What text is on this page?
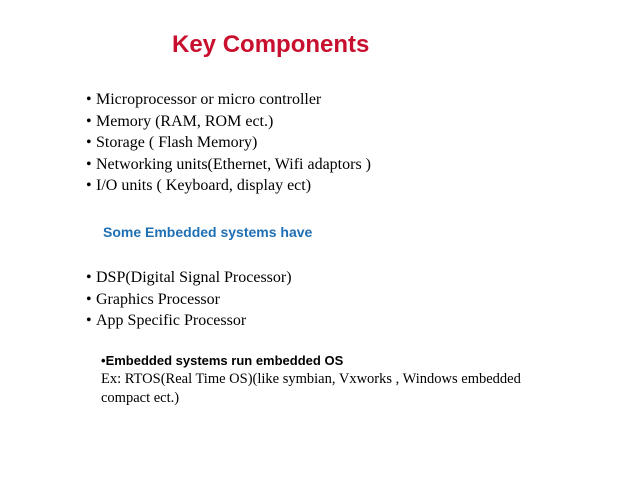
Key Components
• Microprocessor or micro controller
• Memory (RAM, ROM ect.)
• Storage ( Flash Memory)
• Networking units(Ethernet, Wifi adaptors )
• I/O units ( Keyboard, display ect)
Some Embedded systems have
• DSP(Digital Signal Processor)
• Graphics Processor
• App Specific Processor
•Embedded systems run embedded OS
Ex: RTOS(Real Time OS)(like symbian, Vxworks , Windows embedded compact ect.)
